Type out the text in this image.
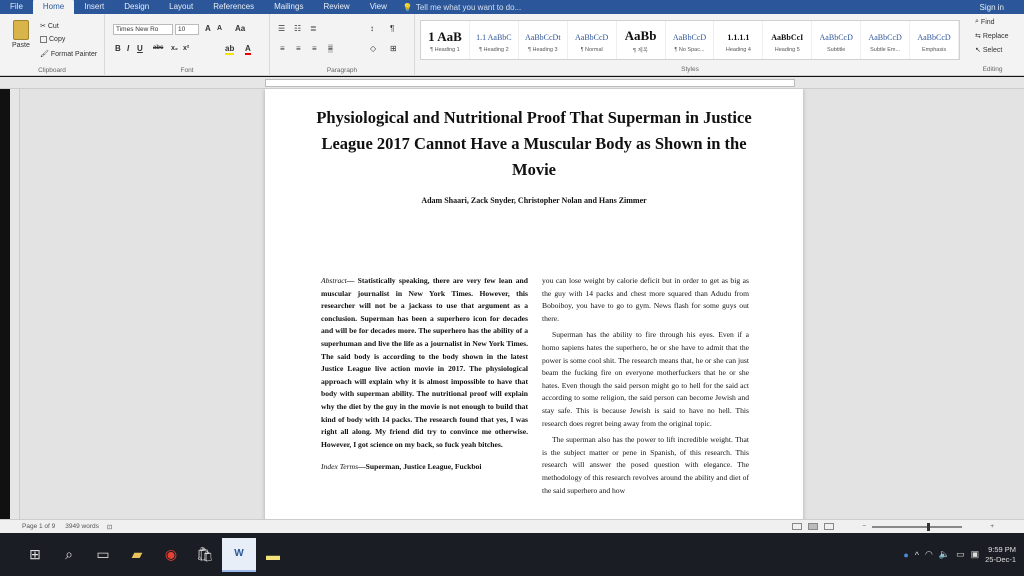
File	Home	Insert	Design	Layout	References	Mailings	Review	View	💡 Tell me what you want to do...	Sign in
Paste
✂ Cut
Copy
🖌 Format Painter
Clipboard
Times New Ro	10	A A Aa
B I U abc x₂ x²	ab A
Font
☰ ☷ ≣	↕ ¶
≡ ≡ ≡ ≡	◇ ⊞
Paragraph
1 AaB
¶ Heading 1
1.1 AaBbC
¶ Heading 2
AaBbCcDt
¶ Heading 3
AaBbCcD
¶ Normal
AaBb
¶ 제목
AaBbCcD
¶ No Spac...
1.1.1.1
Heading 4
AaBbCcI
Heading 5
AaBbCcD
Subtitle
AaBbCcD
Subtle Em...
AaBbCcD
Emphasis
Styles
⌕ Find
⇆ Replace
↖ Select
Editing
Physiological and Nutritional Proof That Superman in Justice League 2017 Cannot Have a Muscular Body as Shown in the Movie
Adam Shaari, Zack Snyder, Christopher Nolan and Hans Zimmer

Abstract— Statistically speaking, there are very few lean and muscular journalist in New York Times. However, this researcher will not be a jackass to use that argument as a conclusion. Superman has been a superhero icon for decades and will be for decades more. The superhero has the ability of a superhuman and live the life as a journalist in New York Times. The said body is according to the body shown in the latest Justice League live action movie in 2017. The physiological approach will explain why it is almost impossible to have that body with superman ability. The nutritional proof will explain why the diet by the guy in the movie is not enough to build that kind of body with 14 packs. The research found that yes, I was right all along. My friend did try to convince me otherwise. However, I got science on my back, so fuck yeah bitches.

Index Terms—Superman, Justice League, Fuckboi

you can lose weight by calorie deficit but in order to get as big as the guy with 14 packs and chest more squared than Adudu from Boboiboy, you have to go to gym. News flash for some guys out there.

Superman has the ability to fire through his eyes. Even if a homo sapiens hates the superhero, he or she have to admit that the power is some cool shit. The research means that, he or she can just beam the fucking fire on everyone motherfuckers that he or she hates. Even though the said person might go to hell for the said act according to some religion, the said person can become Jewish and stay safe. This is because Jewish is said to have no hell. This research does regret being away from the original topic.

The superman also has the power to lift incredible weight. That is the subject matter or pene in Spanish, of this research. This research will answer the posed question with elegance. The methodology of this research revolves around the ability and diet of the said superhero and how

Page 1 of 9 3949 words ⊡	−	+
⊞	⌕	▭	▰	◉	🛍	W	▬	● ^ ◠ 🔈 ▭ ▣	9:59 PM
25-Dec-1
